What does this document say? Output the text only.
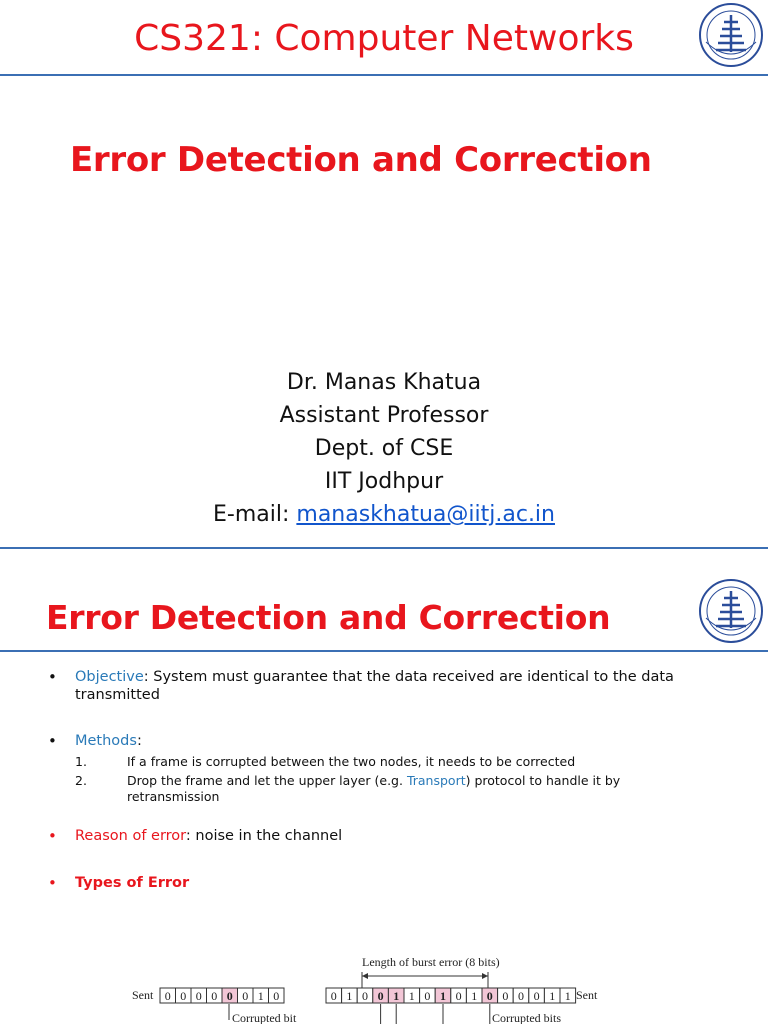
CS321: Computer Networks
Error Detection and Correction
Dr. Manas Khatua
Assistant Professor
Dept. of CSE
IIT Jodhpur
E-mail: manaskhatua@iitj.ac.in
Error Detection and Correction
• Objective: System must guarantee that the data received are identical to the data transmitted
• Methods:
1.	If a frame is corrupted between the two nodes, it needs to be corrected
2.	Drop the frame and let the upper layer (e.g. Transport) protocol to handle it by retransmission
• Reason of error: noise in the channel
• Types of Error
Sent 0 0 0 0 0 0 1 0
Corrupted bit
Length of burst error (8 bits)
0 1 0 0 1 1 0 1 0 1 0 0 0 0 1 1 Sent
Corrupted bits
